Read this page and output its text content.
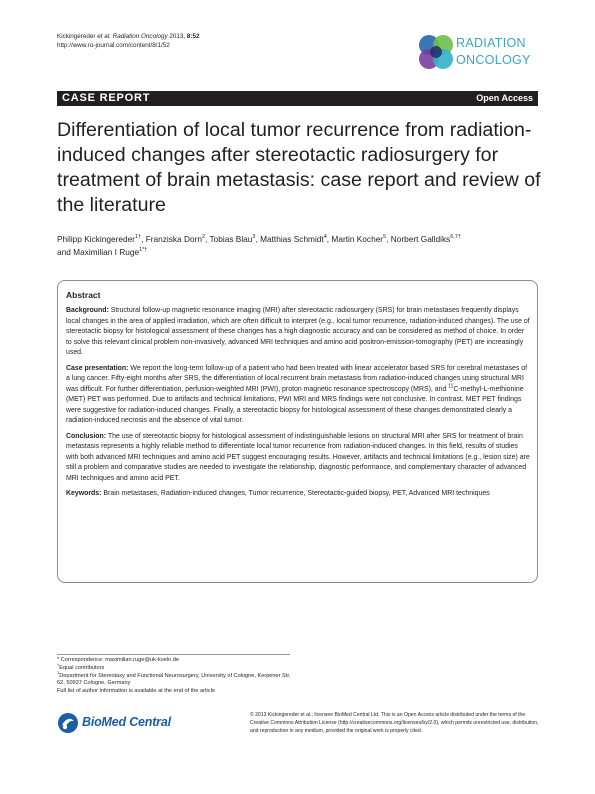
Kickingereder et al. Radiation Oncology 2013, 8:52
http://www.ro-journal.com/content/8/1/52	RADIATION
ONCOLOGY
CASE REPORT	Open Access
Differentiation of local tumor recurrence from radiation-induced changes after stereotactic radiosurgery for treatment of brain metastasis: case report and review of the literature
Philipp Kickingereder$^{1\dagger}$, Franziska Dorn$^2$, Tobias Blau$^3$, Matthias Schmidt$^4$, Martin Kocher$^5$, Norbert Galldiks$^{6,7\dagger}$
and Maximilian I Ruge$^{1*\dagger}$
Abstract

Background: Structural follow-up magnetic resonance imaging (MRI) after stereotactic radiosurgery (SRS) for brain metastases frequently displays local changes in the area of applied irradiation, which are often difficult to interpret (e.g., local tumor recurrence, radiation-induced changes). The use of stereotactic biopsy for histological assessment of these changes has a high diagnostic accuracy and can be considered as method of choice. In order to solve this relevant clinical problem non-invasively, advanced MRI techniques and amino acid positron-emission-tomography (PET) are increasingly used.

Case presentation: We report the long-term follow-up of a patient who had been treated with linear accelerator based SRS for cerebral metastases of a lung cancer. Fifty-eight months after SRS, the differentiation of local recurrent brain metastasis from radiation-induced changes using structural MRI was difficult. For further differentiation, perfusion-weighted MRI (PWI), proton magnetic resonance spectroscopy (MRS), and $^{11}$C-methyl-L-methionine (MET) PET was performed. Due to artifacts and technical limitations, PWI MRI and MRS findings were not conclusive. In contrast, MET PET findings were suggestive for radiation-induced changes. Finally, a stereotactic biopsy for histological assessment of these changes demonstrated clearly a radiation-induced necrosis and the absence of vital tumor.

Conclusion: The use of stereotactic biopsy for histological assessment of indistinguishable lesions on structural MRI after SRS for treatment of brain metastasis represents a highly reliable method to differentiate local tumor recurrence from radiation-induced changes. In this field, results of studies with both advanced MRI techniques and amino acid PET suggest encouraging results. However, artifacts and technical limitations (e.g., lesion size) are still a problem and comparative studies are needed to investigate the relationship, diagnostic performance, and complementary character of advanced MRI techniques and amino acid PET.

Keywords: Brain metastases, Radiation-induced changes, Tumor recurrence, Stereotactic-guided biopsy, PET, Advanced MRI techniques

* Correspondence: maximilian.ruge@uk-koeln.de
†Equal contributors
$^1$Department for Stereotaxy and Functional Neurosurgery, University of Cologne, Kerpener Str. 62, 50937 Cologne, Germany
Full list of author information is available at the end of the article
BioMed Central	© 2013 Kickingereder et al.; licensee BioMed Central Ltd. This is an Open Access article distributed under the terms of the Creative Commons Attribution License (http://creativecommons.org/licenses/by/2.0), which permits unrestricted use, distribution, and reproduction in any medium, provided the original work is properly cited.
